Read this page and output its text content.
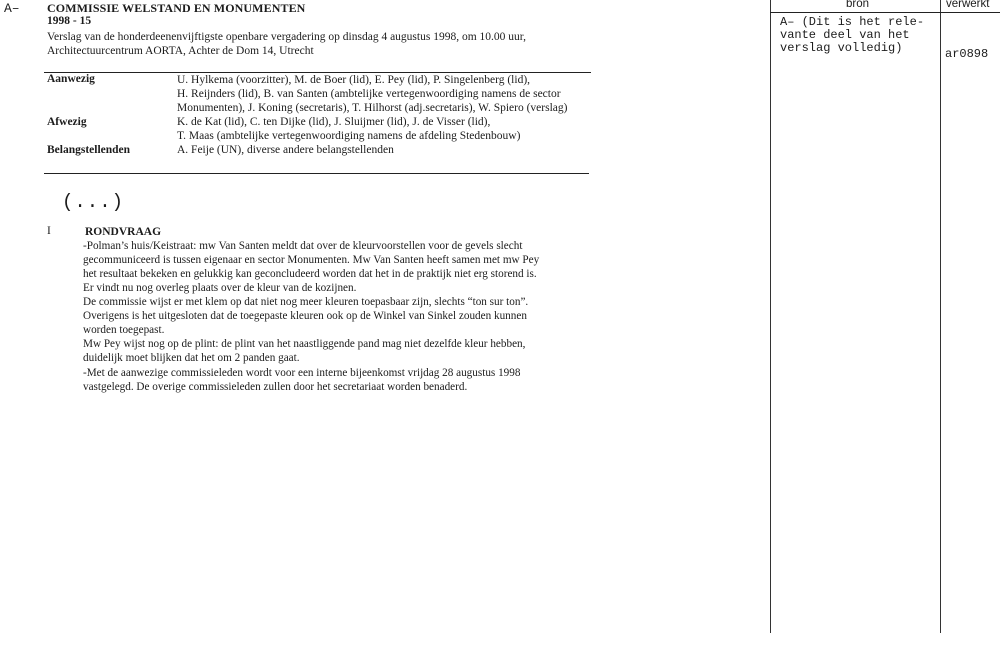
A– COMMISSIE WELSTAND EN MONUMENTEN
1998 - 15
Verslag van de honderdeenenvijftigste openbare vergadering op dinsdag 4 augustus 1998, om 10.00 uur,
Architectuurcentrum AORTA, Achter de Dom 14, Utrecht
Aanwezig	U. Hylkema (voorzitter), M. de Boer (lid), E. Pey (lid), P. Singelenberg (lid),
H. Reijnders (lid), B. van Santen (ambtelijke vertegenwoordiging namens de sector
Monumenten), J. Koning (secretaris), T. Hilhorst (adj.secretaris), W. Spiero (verslag)
Afwezig	K. de Kat (lid), C. ten Dijke (lid), J. Sluijmer (lid), J. de Visser (lid),
T. Maas (ambtelijke vertegenwoordiging namens de afdeling Stedenbouw)
Belangstellenden	A. Feije (UN), diverse andere belangstellenden
(...)
I	RONDVRAAG
-Polman’s huis/Keistraat: mw Van Santen meldt dat over de kleurvoorstellen voor de gevels slecht
gecommuniceerd is tussen eigenaar en sector Monumenten. Mw Van Santen heeft samen met mw Pey
het resultaat bekeken en gelukkig kan geconcludeerd worden dat het in de praktijk niet erg storend is.
Er vindt nu nog overleg plaats over de kleur van de kozijnen.
De commissie wijst er met klem op dat niet nog meer kleuren toepasbaar zijn, slechts “ton sur ton”.
Overigens is het uitgesloten dat de toegepaste kleuren ook op de Winkel van Sinkel zouden kunnen
worden toegepast.
Mw Pey wijst nog op de plint: de plint van het naastliggende pand mag niet dezelfde kleur hebben,
duidelijk moet blijken dat het om 2 panden gaat.
-Met de aanwezige commissieleden wordt voor een interne bijeenkomst vrijdag 28 augustus 1998
vastgelegd. De overige commissieleden zullen door het secretariaat worden benaderd.
bron	verwerkt
A– (Dit is het rele-
vante deel van het
verslag volledig)	ar0898
